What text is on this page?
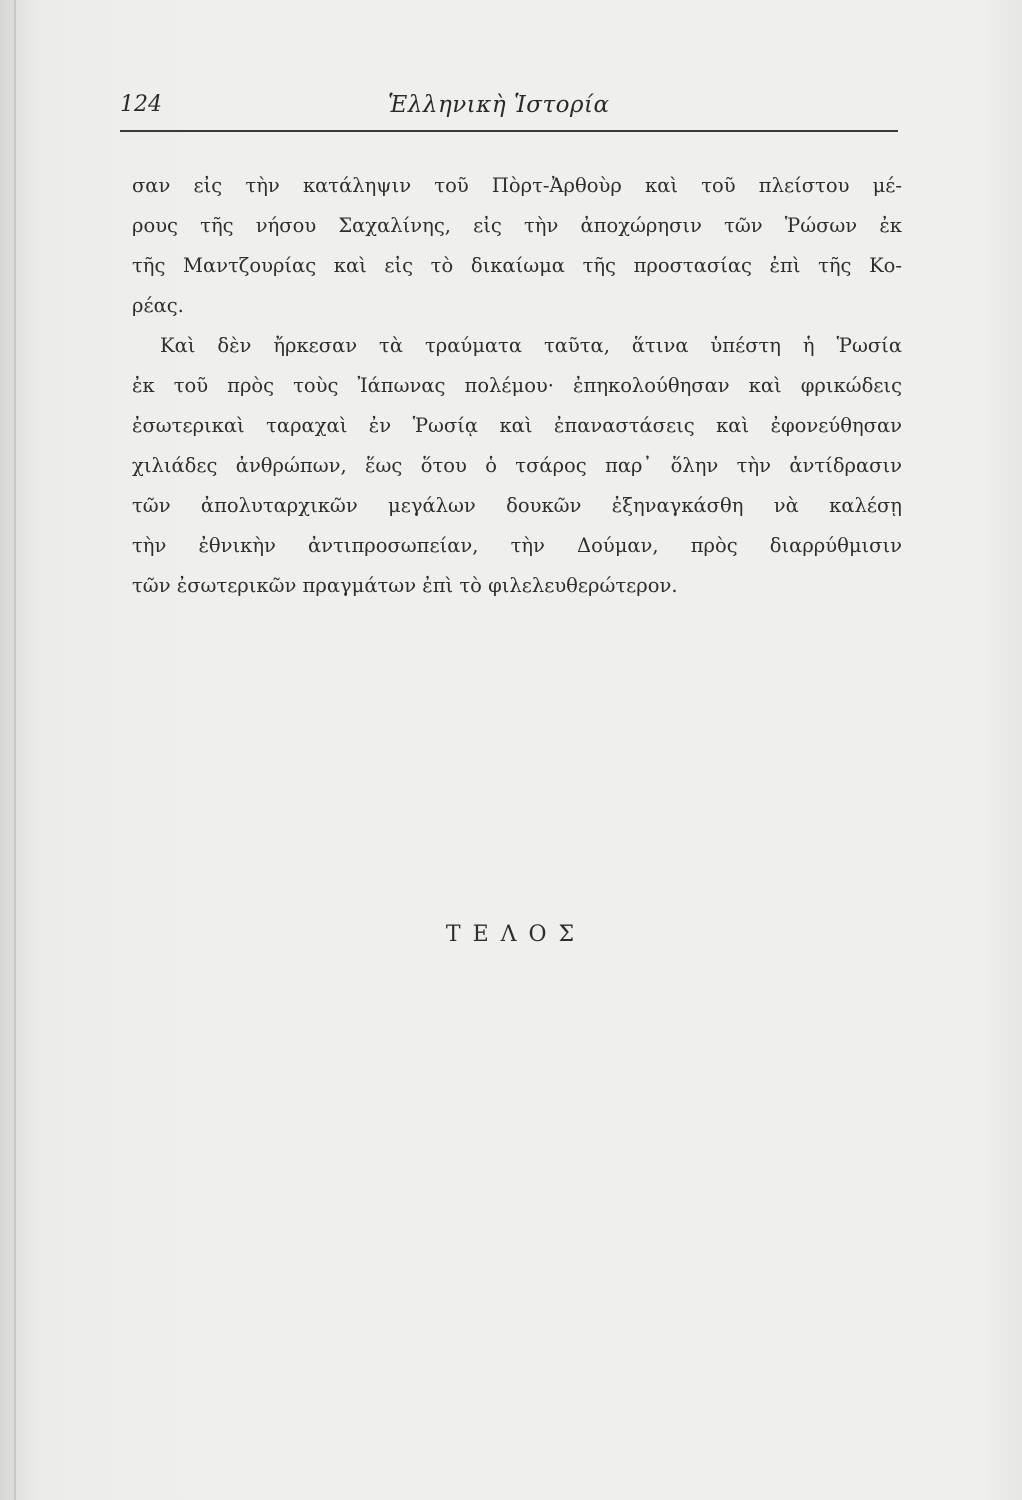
124	Ἑλληνικὴ Ἱστορία
σαν εἰς τὴν κατάληψιν τοῦ Πὸρτ-Ἀρθοὺρ καὶ τοῦ πλείστου μέ-
ρους τῆς νήσου Σαχαλίνης, εἰς τὴν ἀποχώρησιν τῶν Ῥώσων ἐκ
τῆς Μαντζουρίας καὶ εἰς τὸ δικαίωμα τῆς προστασίας ἐπὶ τῆς Κο-
ρέας.
Καὶ δὲν ἤρκεσαν τὰ τραύματα ταῦτα, ἅτινα ὑπέστη ἡ Ῥωσία
ἐκ τοῦ πρὸς τοὺς Ἰάπωνας πολέμου· ἐπηκολούθησαν καὶ φρικώδεις
ἐσωτερικαὶ ταραχαὶ ἐν Ῥωσίᾳ καὶ ἐπαναστάσεις καὶ ἐφονεύθησαν
χιλιάδες ἀνθρώπων, ἕως ὅτου ὁ τσάρος παρ᾽ ὅλην τὴν ἀντίδρασιν
τῶν ἀπολυταρχικῶν μεγάλων δουκῶν ἐξηναγκάσθη νὰ καλέσῃ
τὴν ἐθνικὴν ἀντιπροσωπείαν, τὴν Δούμαν, πρὸς διαρρύθμισιν
τῶν ἐσωτερικῶν πραγμάτων ἐπὶ τὸ φιλελευθερώτερον.
ΤΕΛΟΣ
